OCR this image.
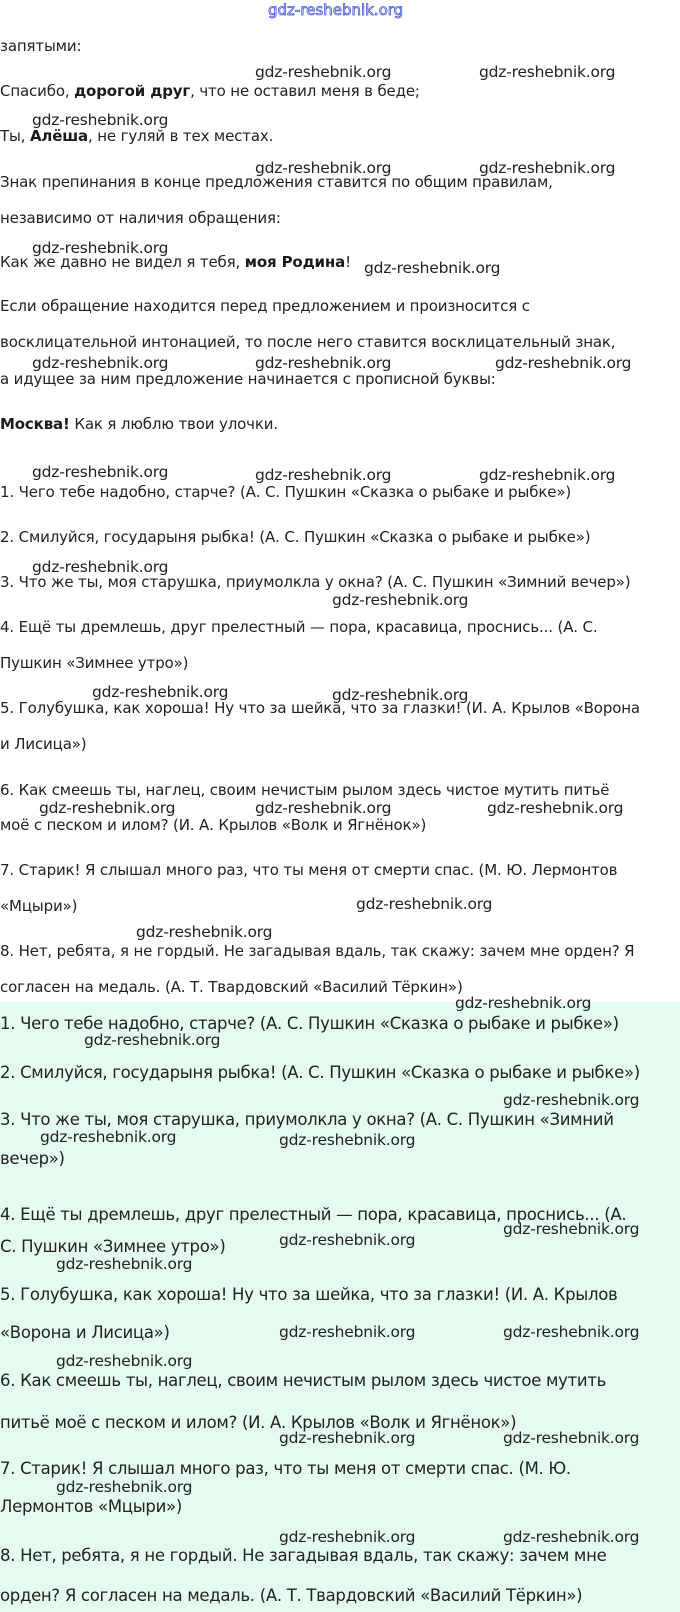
gdz-reshebnik.org
запятыми:
Спасибо, дорогой друг, что не оставил меня в беде;
Ты, Алёша, не гуляй в тех местах.
Знак препинания в конце предложения ставится по общим правилам,
независимо от наличия обращения:
Как же давно не видел я тебя, моя Родина!
Если обращение находится перед предложением и произносится с
восклицательной интонацией, то после него ставится восклицательный знак,
а идущее за ним предложение начинается с прописной буквы:
Москва! Как я люблю твои улочки.
1. Чего тебе надобно, старче? (А. С. Пушкин «Сказка о рыбаке и рыбке»)
2. Смилуйся, государыня рыбка! (А. С. Пушкин «Сказка о рыбаке и рыбке»)
3. Что же ты, моя старушка, приумолкла у окна? (А. С. Пушкин «Зимний вечер»)
4. Ещё ты дремлешь, друг прелестный — пора, красавица, проснись... (А. С.
Пушкин «Зимнее утро»)
5. Голубушка, как хороша! Ну что за шейка, что за глазки! (И. А. Крылов «Ворона
и Лисица»)
6. Как смеешь ты, наглец, своим нечистым рылом здесь чистое мутить питьё
моё с песком и илом? (И. А. Крылов «Волк и Ягнёнок»)
7. Старик! Я слышал много раз, что ты меня от смерти спас. (М. Ю. Лермонтов
«Мцыри»)
8. Нет, ребята, я не гордый. Не загадывая вдаль, так скажу: зачем мне орден? Я
согласен на медаль. (А. Т. Твардовский «Василий Тёркин»)
1. Чего тебе надобно, старче? (А. С. Пушкин «Сказка о рыбаке и рыбке»)
2. Смилуйся, государыня рыбка! (А. С. Пушкин «Сказка о рыбаке и рыбке»)
3. Что же ты, моя старушка, приумолкла у окна? (А. С. Пушкин «Зимний
вечер»)
4. Ещё ты дремлешь, друг прелестный — пора, красавица, проснись... (А.
С. Пушкин «Зимнее утро»)
5. Голубушка, как хороша! Ну что за шейка, что за глазки! (И. А. Крылов
«Ворона и Лисица»)
6. Как смеешь ты, наглец, своим нечистым рылом здесь чистое мутить
питьё моё с песком и илом? (И. А. Крылов «Волк и Ягнёнок»)
7. Старик! Я слышал много раз, что ты меня от смерти спас. (М. Ю.
Лермонтов «Мцыри»)
8. Нет, ребята, я не гордый. Не загадывая вдаль, так скажу: зачем мне
орден? Я согласен на медаль. (А. Т. Твардовский «Василий Тёркин»)
gdz-reshebnik.org	gdz-reshebnik.org
gdz-reshebnik.org
gdz-reshebnik.org	gdz-reshebnik.org
gdz-reshebnik.org
gdz-reshebnik.org
gdz-reshebnik.org	gdz-reshebnik.org	gdz-reshebnik.org
gdz-reshebnik.org	gdz-reshebnik.org	gdz-reshebnik.org
gdz-reshebnik.org
gdz-reshebnik.org
gdz-reshebnik.org	gdz-reshebnik.org
gdz-reshebnik.org	gdz-reshebnik.org	gdz-reshebnik.org
gdz-reshebnik.org
gdz-reshebnik.org
gdz-reshebnik.org
gdz-reshebnik.org
gdz-reshebnik.org
gdz-reshebnik.org	gdz-reshebnik.org
gdz-reshebnik.org
gdz-reshebnik.org
gdz-reshebnik.org
gdz-reshebnik.org	gdz-reshebnik.org
gdz-reshebnik.org
gdz-reshebnik.org	gdz-reshebnik.org
gdz-reshebnik.org
gdz-reshebnik.org	gdz-reshebnik.org
